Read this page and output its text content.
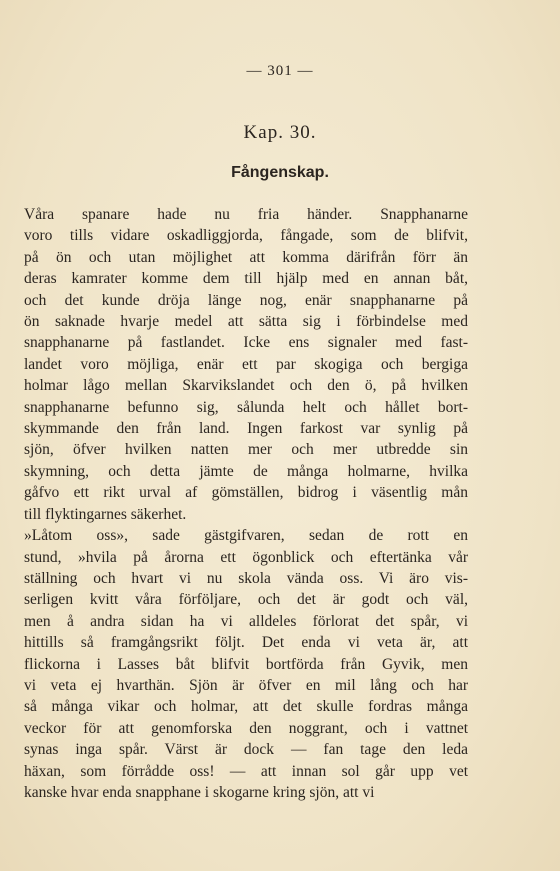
— 301 —
Kap. 30.
Fångenskap.
Våra spanare hade nu fria händer. Snapphanarne
voro tills vidare oskadliggjorda, fångade, som de blifvit,
på ön och utan möjlighet att komma därifrån förr än
deras kamrater komme dem till hjälp med en annan båt,
och det kunde dröja länge nog, enär snapphanarne på
ön saknade hvarje medel att sätta sig i förbindelse med
snapphanarne på fastlandet. Icke ens signaler med fast-
landet voro möjliga, enär ett par skogiga och bergiga
holmar lågo mellan Skarvikslandet och den ö, på hvilken
snapphanarne befunno sig, sålunda helt och hållet bort-
skymmande den från land. Ingen farkost var synlig på
sjön, öfver hvilken natten mer och mer utbredde sin
skymning, och detta jämte de många holmarne, hvilka
gåfvo ett rikt urval af gömställen, bidrog i väsentlig mån
till flyktingarnes säkerhet.
»Låtom oss», sade gästgifvaren, sedan de rott en
stund, »hvila på årorna ett ögonblick och eftertänka vår
ställning och hvart vi nu skola vända oss. Vi äro vis-
serligen kvitt våra förföljare, och det är godt och väl,
men å andra sidan ha vi alldeles förlorat det spår, vi
hittills så framgångsrikt följt. Det enda vi veta är, att
flickorna i Lasses båt blifvit bortförda från Gyvik, men
vi veta ej hvarthän. Sjön är öfver en mil lång och har
så många vikar och holmar, att det skulle fordras många
veckor för att genomforska den noggrant, och i vattnet
synas inga spår. Värst är dock — fan tage den leda
häxan, som förrådde oss! — att innan sol går upp vet
kanske hvar enda snapphane i skogarne kring sjön, att vi
